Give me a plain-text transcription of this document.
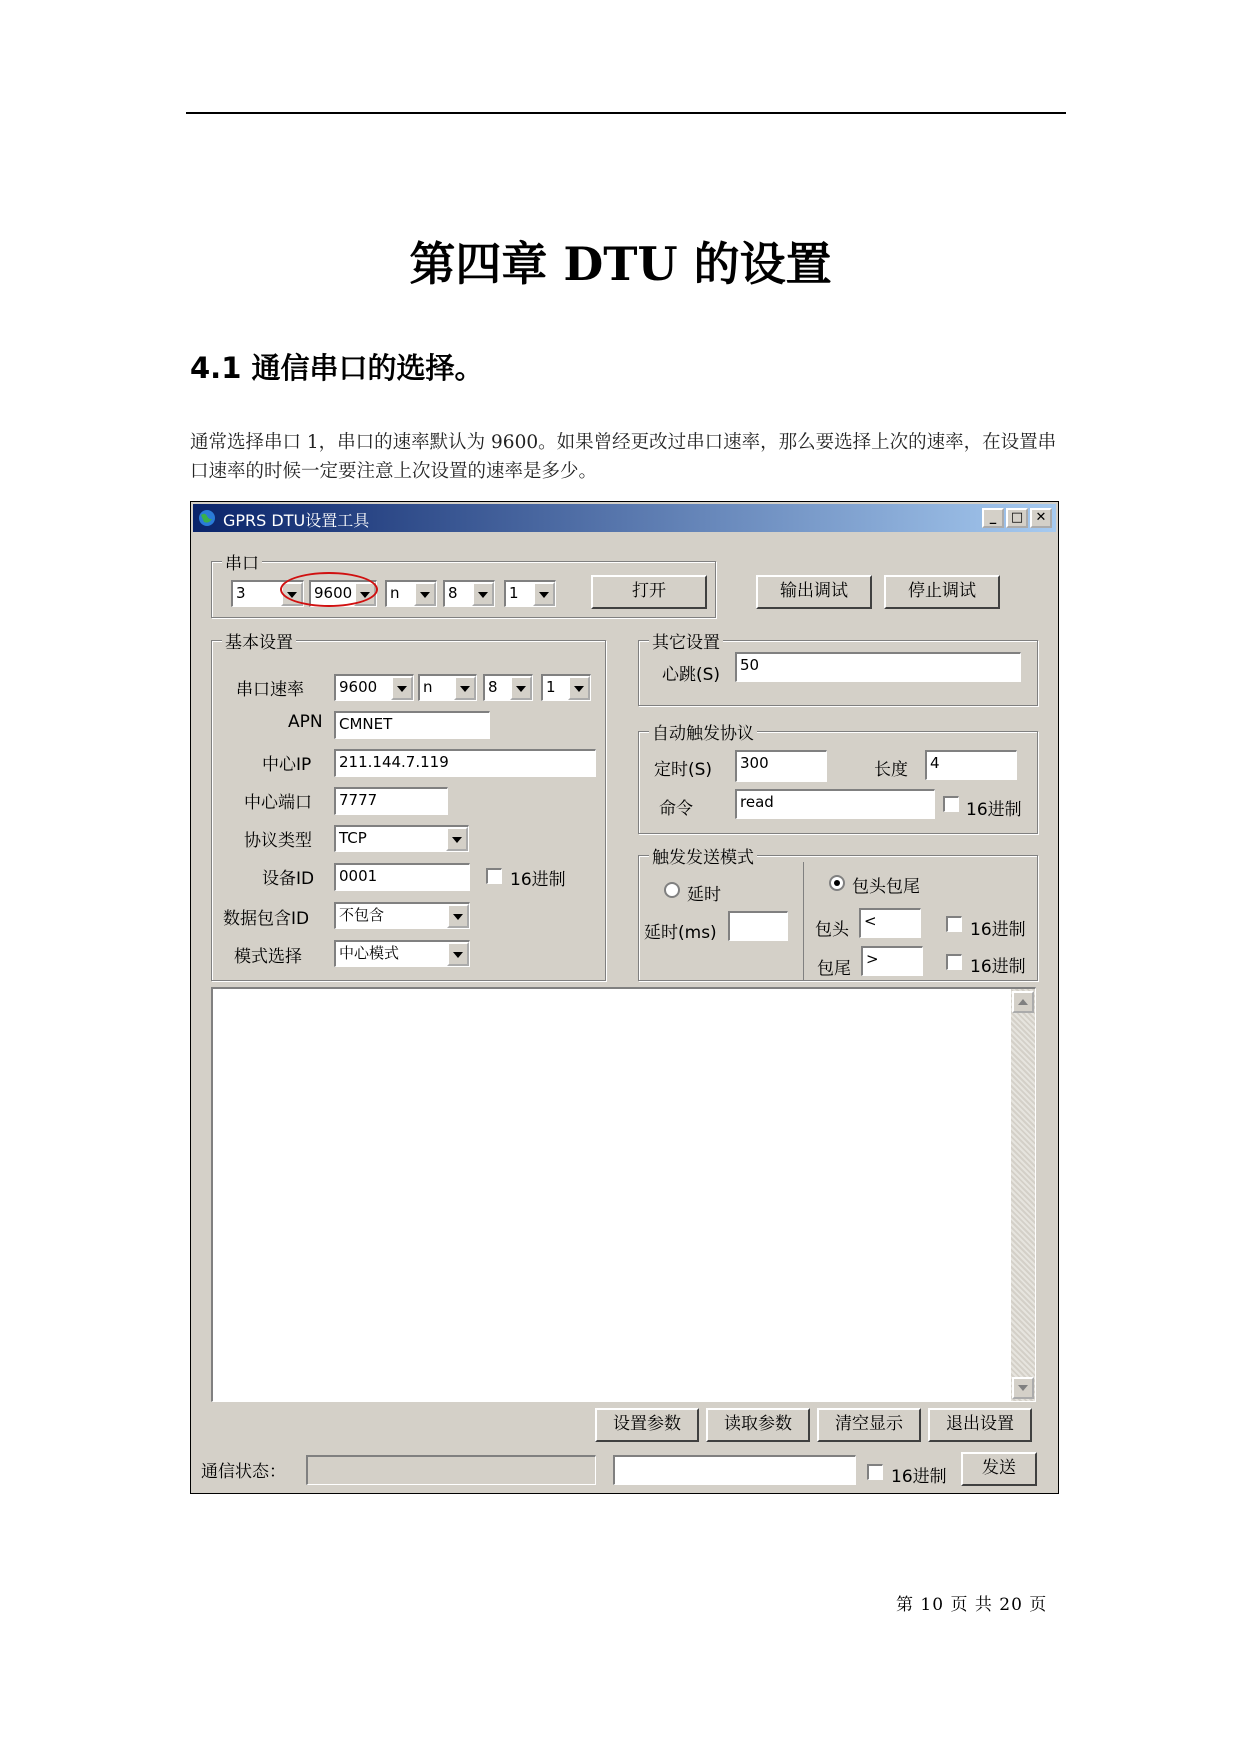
第四章 DTU 的设置
4.1 通信串口的选择。
通常选择串口 1，串口的速率默认为 9600。如果曾经更改过串口速率，那么要选择上次的速率，在设置串口速率的时候一定要注意上次设置的速率是多少。
GPRS DTU设置工具	_	□ ✕
串口
3	9600	n	8	1	打开	输出调试	停止调试
基本设置
串口速率 9600	n	8	1
APN	CMNET
中心IP	211.144.7.119
中心端口	7777
协议类型 TCP
设备ID	0001	16进制
数据包含ID 不包含
模式选择 中心模式
其它设置
心跳(S)	50
自动触发协议
定时(S)	300	长度	4
命令	read	16进制
触发发送模式
延时
延时(ms)
包头包尾
包头	<	16进制
包尾	>	16进制
设置参数	读取参数	清空显示	退出设置
通信状态：	16进制	发送
第 10 页 共 20 页
